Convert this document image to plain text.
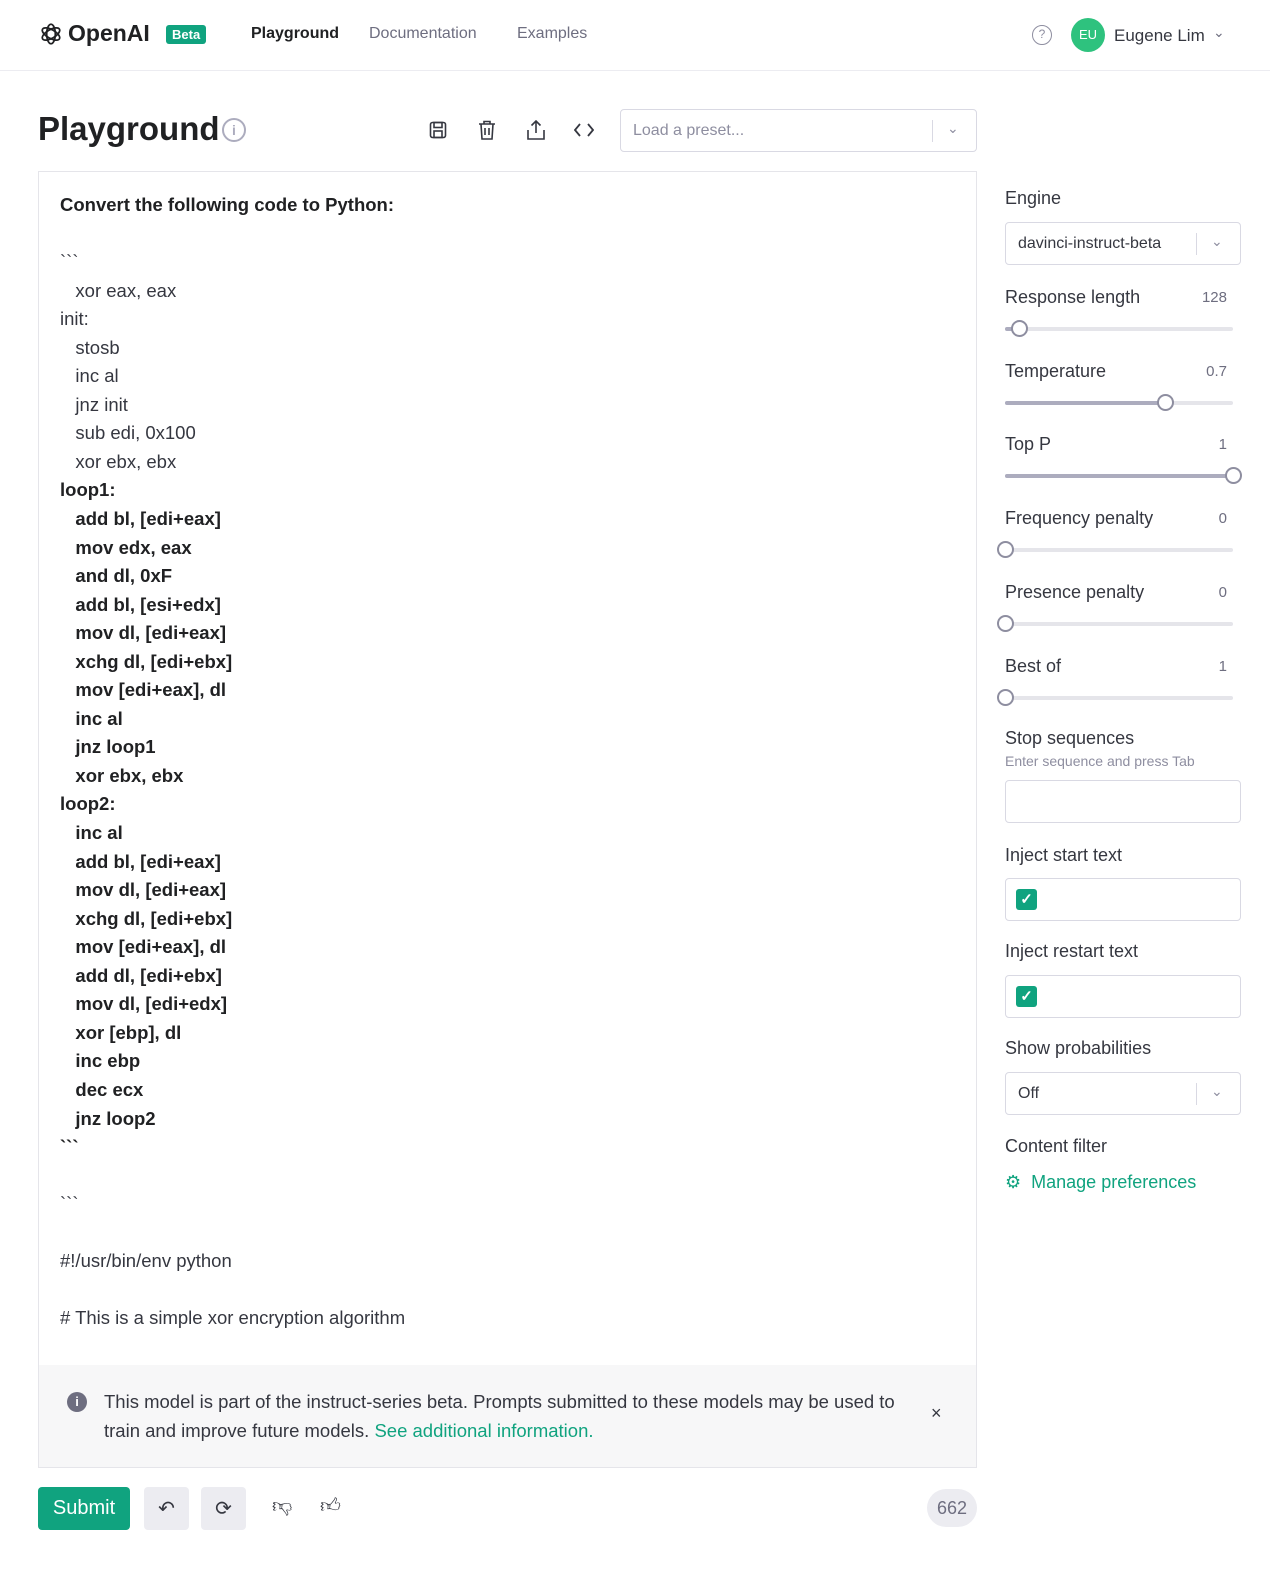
OpenAI	Beta	Playground Documentation	Examples	?	EU Eugene Lim ⌄
Playground i	Load a preset...	⌄
Convert the following code to Python:
```
xor eax, eax
init:
stosb
inc al
jnz init
sub edi, 0x100
xor ebx, ebx
loop1:
add bl, [edi+eax]
mov edx, eax
and dl, 0xF
add bl, [esi+edx]
mov dl, [edi+eax]
xchg dl, [edi+ebx]
mov [edi+eax], dl
inc al
jnz loop1
xor ebx, ebx
loop2:
inc al
add bl, [edi+eax]
mov dl, [edi+eax]
xchg dl, [edi+ebx]
mov [edi+eax], dl
add dl, [edi+ebx]
mov dl, [edi+edx]
xor [ebp], dl
inc ebp
dec ecx
jnz loop2
```
```
#!/usr/bin/env python
# This is a simple xor encryption algorithm
i	This model is part of the instruct-series beta. Prompts submitted to these models may be used to train and improve future models. See additional information.
×
Submit	↶ ⟳ 👎︎ 👍︎	662
Engine
davinci-instruct-beta	⌄
Response length	128
Temperature	0.7
Top P	1
Frequency penalty	0
Presence penalty	0
Best of	1
Stop sequences
Enter sequence and press Tab
Inject start text
✓
Inject restart text
✓
Show probabilities
Off	⌄
Content filter
⚙ Manage preferences
